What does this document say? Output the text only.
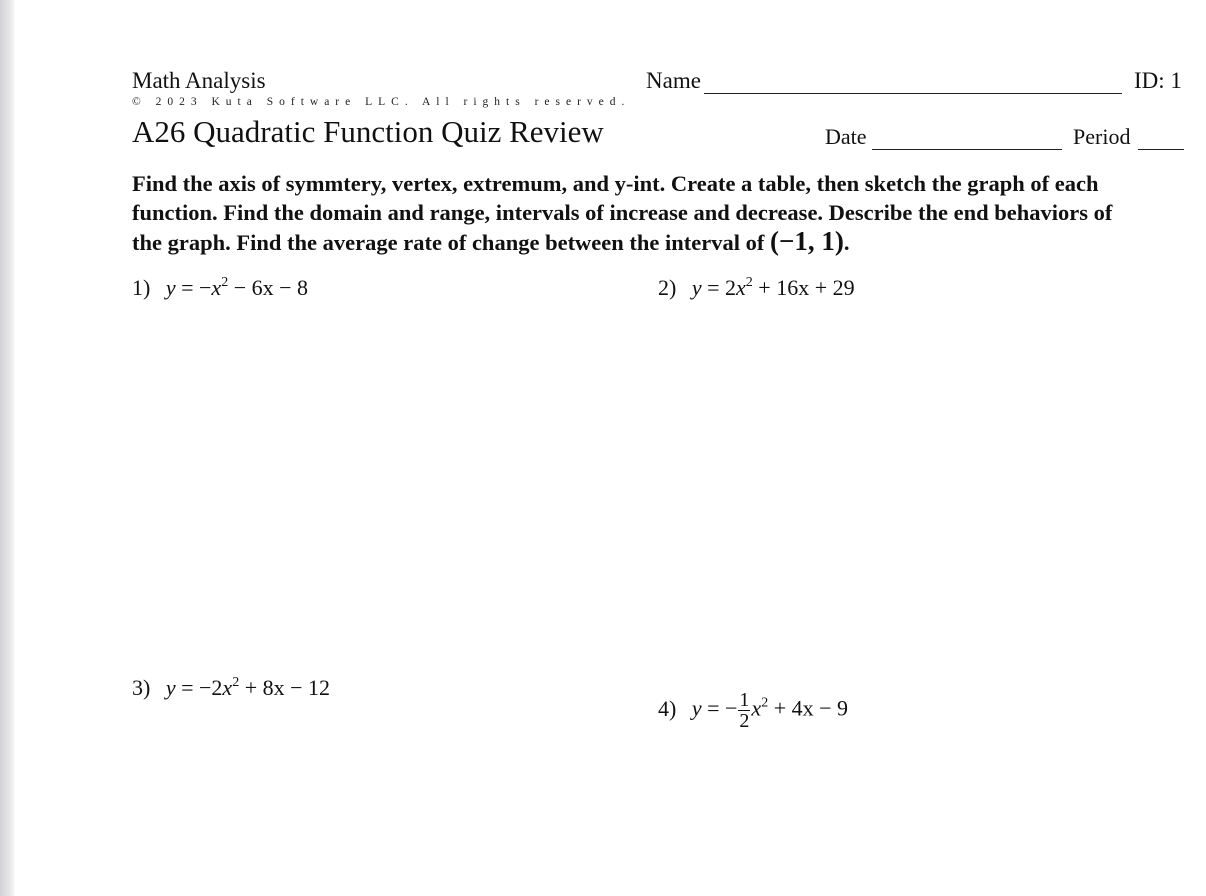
Math Analysis	Name	ID: 1
© 2023 Kuta Software LLC. All rights reserved.
A26 Quadratic Function Quiz Review	Date	Period
Find the axis of symmtery, vertex, extremum, and y-int. Create a table, then sketch the graph of each function. Find the domain and range, intervals of increase and decrease. Describe the end behaviors of the graph. Find the average rate of change between the interval of (−1, 1).
1) $y = -x^2 - 6x - 8$	2) $y = 2x^2 + 16x + 29$
3) $y = -2x^2 + 8x - 12$
4) y = − $\frac{1}{2} x^2 + 4x - 9$
